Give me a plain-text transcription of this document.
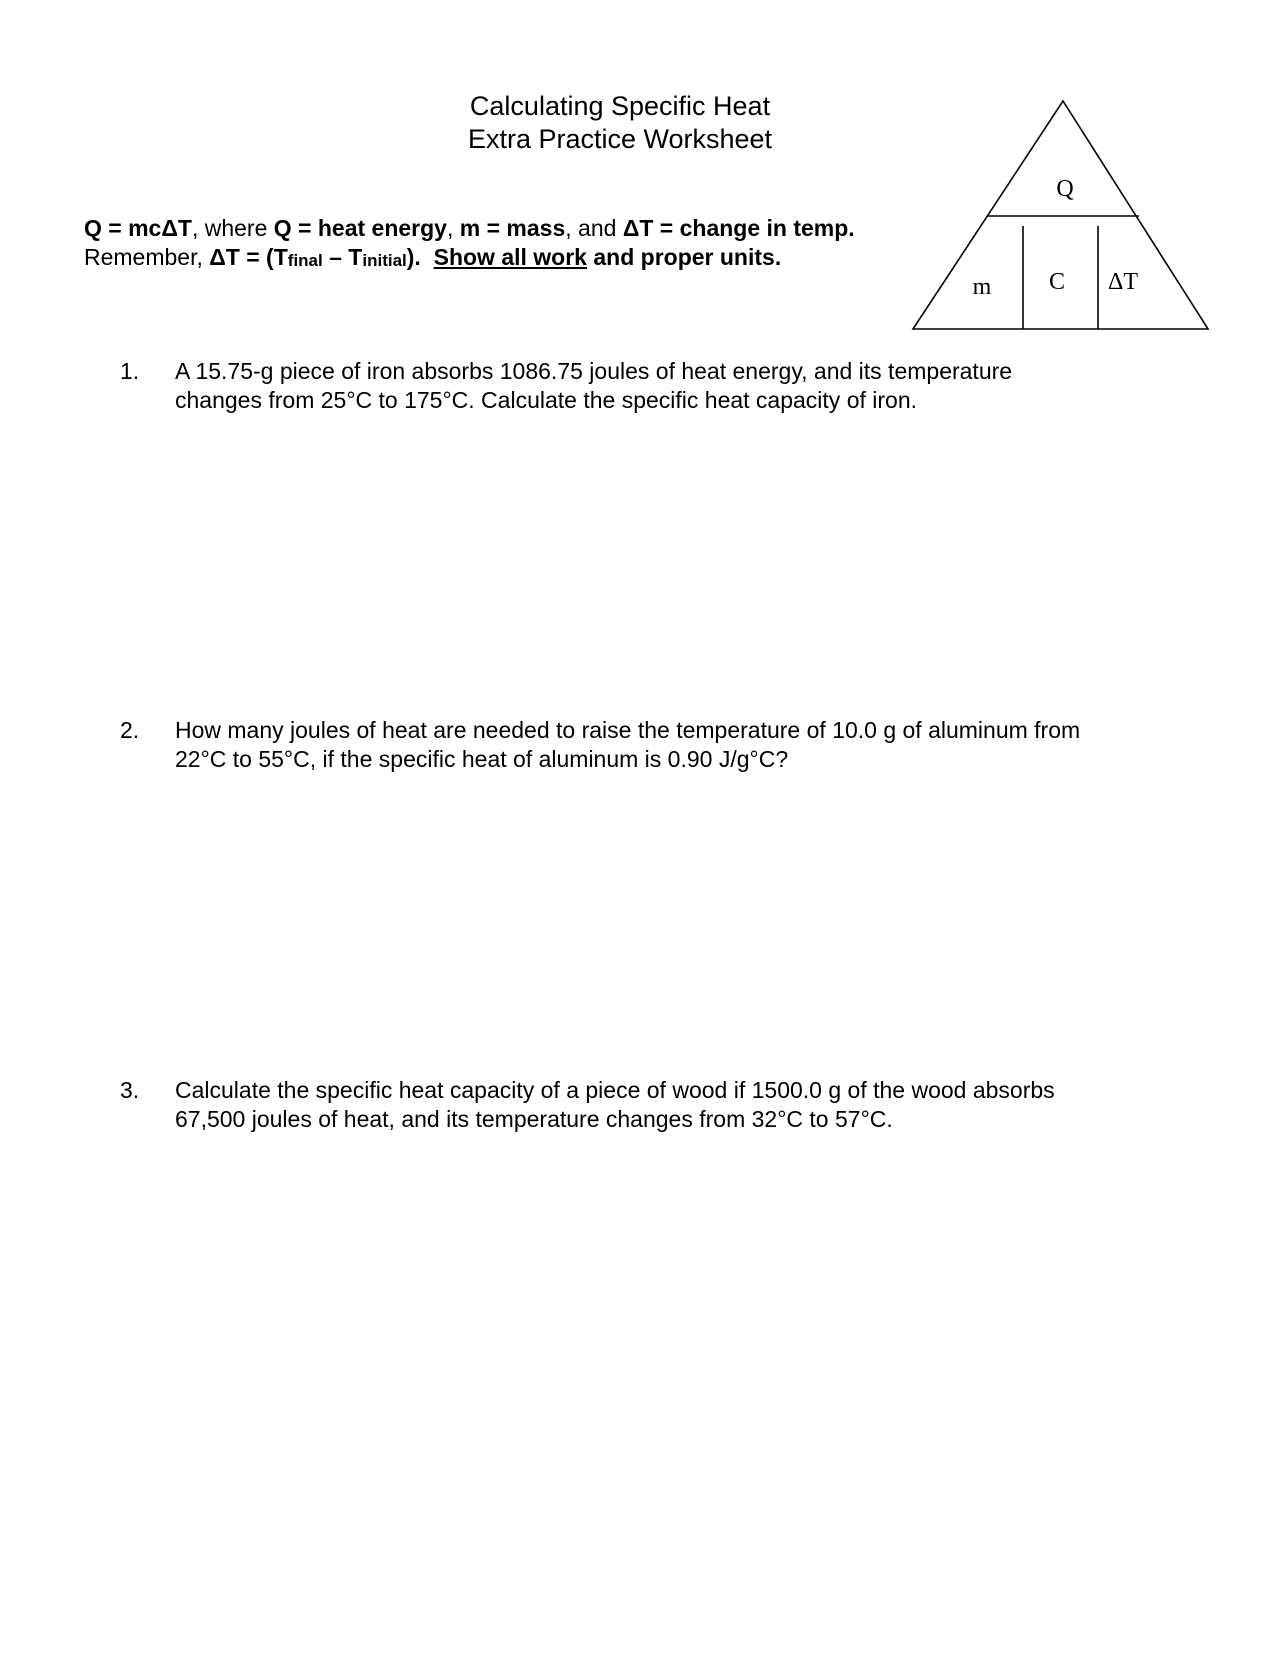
Calculating Specific Heat
Extra Practice Worksheet
Q = mcΔT, where Q = heat energy, m = mass, and ΔT = change in temp.
Remember, ΔT = (Tfinal – Tinitial). Show all work and proper units.
Q
m C ΔT
1.	A 15.75-g piece of iron absorbs 1086.75 joules of heat energy, and its temperature
changes from 25°C to 175°C. Calculate the specific heat capacity of iron.
2.	How many joules of heat are needed to raise the temperature of 10.0 g of aluminum from
22°C to 55°C, if the specific heat of aluminum is 0.90 J/g°C?
3.	Calculate the specific heat capacity of a piece of wood if 1500.0 g of the wood absorbs
67,500 joules of heat, and its temperature changes from 32°C to 57°C.
